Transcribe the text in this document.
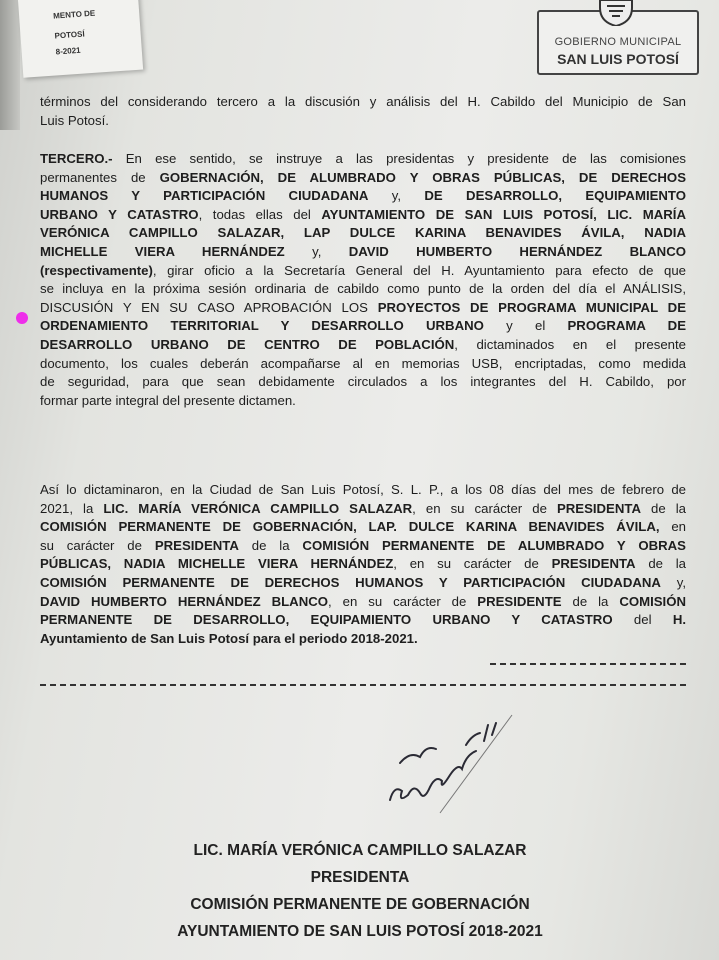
MENTO DE
POTOSÍ
8-2021
GOBIERNO MUNICIPAL
SAN LUIS POTOSÍ
términos del considerando tercero a la discusión y análisis del H. Cabildo del Municipio de San
Luis Potosí.
TERCERO.- En ese sentido, se instruye a las presidentas y presidente de las comisiones
permanentes de GOBERNACIÓN, DE ALUMBRADO Y OBRAS PÚBLICAS, DE DERECHOS
HUMANOS Y PARTICIPACIÓN CIUDADANA y, DE DESARROLLO, EQUIPAMIENTO
URBANO Y CATASTRO, todas ellas del AYUNTAMIENTO DE SAN LUIS POTOSÍ, LIC. MARÍA
VERÓNICA CAMPILLO SALAZAR, LAP DULCE KARINA BENAVIDES ÁVILA, NADIA
MICHELLE VIERA HERNÁNDEZ y, DAVID HUMBERTO HERNÁNDEZ BLANCO
(respectivamente), girar oficio a la Secretaría General del H. Ayuntamiento para efecto de que
se incluya en la próxima sesión ordinaria de cabildo como punto de la orden del día el ANÁLISIS,
DISCUSIÓN Y EN SU CASO APROBACIÓN LOS PROYECTOS DE PROGRAMA MUNICIPAL DE
ORDENAMIENTO TERRITORIAL Y DESARROLLO URBANO y el PROGRAMA DE
DESARROLLO URBANO DE CENTRO DE POBLACIÓN, dictaminados en el presente
documento, los cuales deberán acompañarse al en memorias USB, encriptadas, como medida
de seguridad, para que sean debidamente circulados a los integrantes del H. Cabildo, por
formar parte integral del presente dictamen.
Así lo dictaminaron, en la Ciudad de San Luis Potosí, S. L. P., a los 08 días del mes de febrero de
2021, la LIC. MARÍA VERÓNICA CAMPILLO SALAZAR, en su carácter de PRESIDENTA de la
COMISIÓN PERMANENTE DE GOBERNACIÓN, LAP. DULCE KARINA BENAVIDES ÁVILA, en
su carácter de PRESIDENTA de la COMISIÓN PERMANENTE DE ALUMBRADO Y OBRAS
PÚBLICAS, NADIA MICHELLE VIERA HERNÁNDEZ, en su carácter de PRESIDENTA de la
COMISIÓN PERMANENTE DE DERECHOS HUMANOS Y PARTICIPACIÓN CIUDADANA y,
DAVID HUMBERTO HERNÁNDEZ BLANCO, en su carácter de PRESIDENTE de la COMISIÓN
PERMANENTE DE DESARROLLO, EQUIPAMIENTO URBANO Y CATASTRO del H.
Ayuntamiento de San Luis Potosí para el periodo 2018-2021.
LIC. MARÍA VERÓNICA CAMPILLO SALAZAR
PRESIDENTA
COMISIÓN PERMANENTE DE GOBERNACIÓN
AYUNTAMIENTO DE SAN LUIS POTOSÍ 2018-2021
